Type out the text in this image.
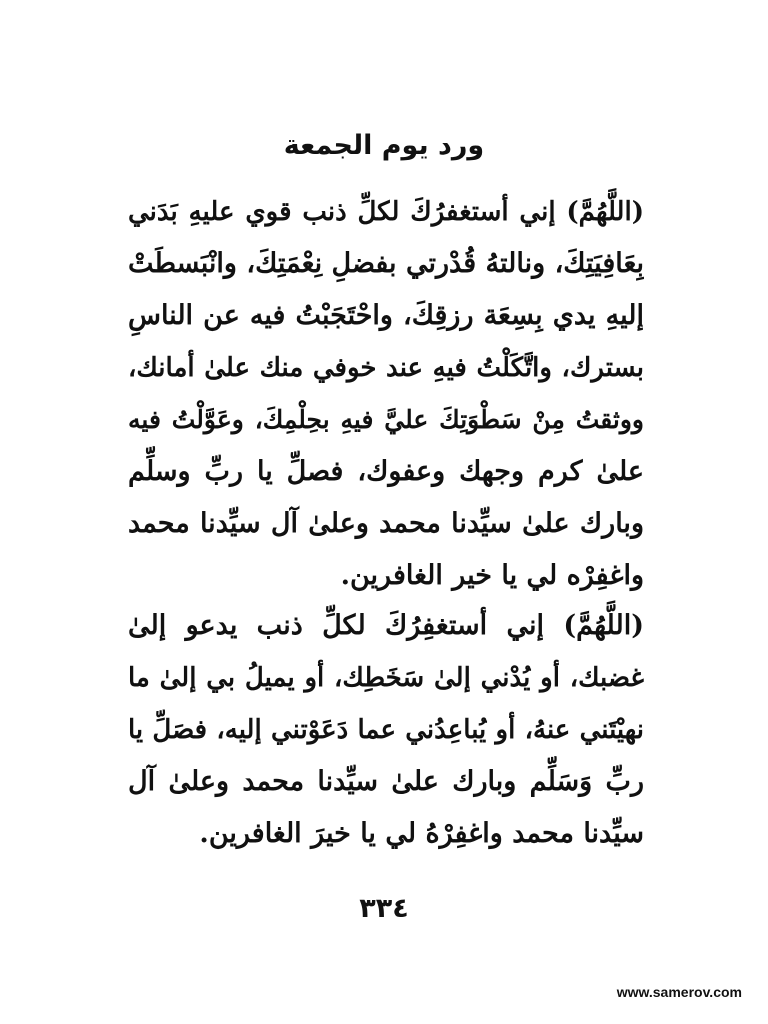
ورد يوم الجمعة
(اللَّهُمَّ) إني أستغفرُكَ لكلِّ ذنب قوي عليهِ بَدَني
بِعَافِيَتِكَ، ونالتهُ قُدْرتي بفضلِ نِعْمَتِكَ، وانْبَسطَتْ
إليهِ يدي بِسِعَة رزقِكَ، واحْتَجَبْتُ فيه عن الناسِ
بسترك، واتَّكَلْتُ فيهِ عند خوفي منك علىٰ أمانك،
ووثقتُ مِنْ سَطْوَتِكَ عليَّ فيهِ بحِلْمِكَ، وعَوَّلْتُ فيه
علىٰ كرم وجهك وعفوك، فصلِّ يا ربِّ وسلِّم
وبارك علىٰ سيِّدنا محمد وعلىٰ آل سيِّدنا محمد
واغفِرْه لي يا خير الغافرين.
(اللَّهُمَّ) إني أستغفِرُكَ لكلِّ ذنب يدعو إلىٰ
غضبك، أو يُدْني إلىٰ سَخَطِك، أو يميلُ بي إلىٰ ما
نهيْتَني عنهُ، أو يُباعِدُني عما دَعَوْتني إليه، فصَلِّ يا
ربِّ وَسَلِّم وبارك علىٰ سيِّدنا محمد وعلىٰ آل
سيِّدنا محمد واغفِرْهُ لي يا خيرَ الغافرين.
٣٣٤
www.samerov.com
